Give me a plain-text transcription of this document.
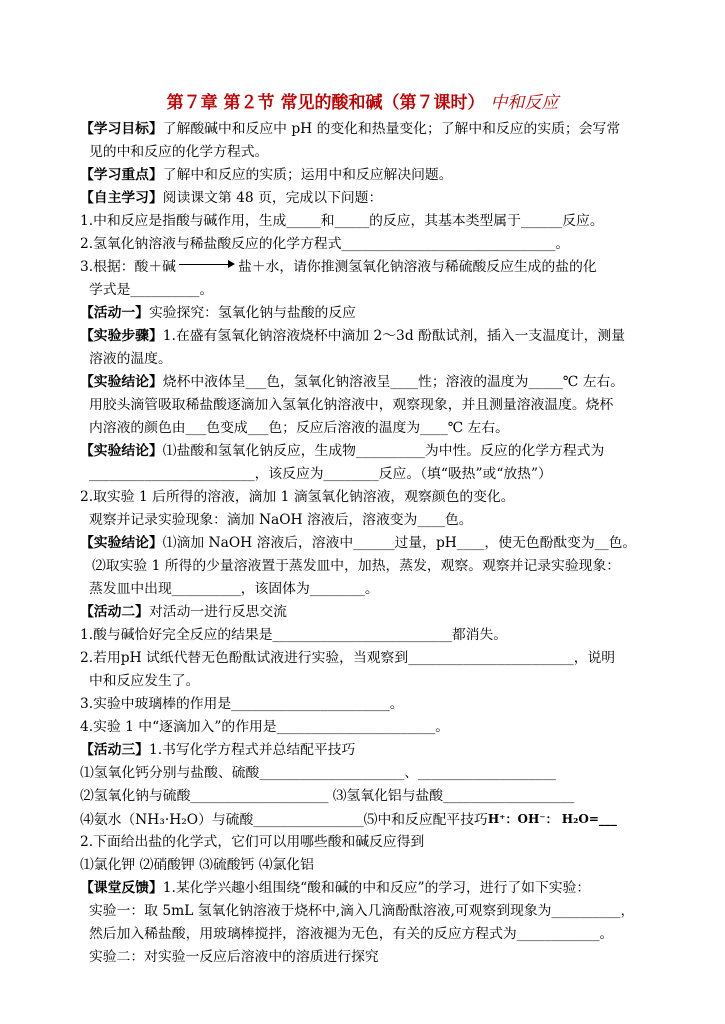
第７章 第２节 常见的酸和碱（第７课时） 中和反应
【学习目标】了解酸碱中和反应中 pH 的变化和热量变化；了解中和反应的实质；会写常
见的中和反应的化学方程式。
【学习重点】了解中和反应的实质；运用中和反应解决问题。
【自主学习】阅读课文第 48 页，完成以下问题：
1.中和反应是指酸与碱作用，生成_____和_____的反应，其基本类型属于______反应。
2.氢氧化钠溶液与稀盐酸反应的化学方程式_______________________________。
3.根据：酸＋碱	盐＋水，请你推测氢氧化钠溶液与稀硫酸反应生成的盐的化
学式是__________。
【活动一】实验探究：氢氧化钠与盐酸的反应
【实验步骤】1.在盛有氢氧化钠溶液烧杯中滴加 2～3d 酚酞试剂，插入一支温度计，测量
溶液的温度。
【实验结论】烧杯中液体呈___色，氢氧化钠溶液呈____性；溶液的温度为_____℃ 左右。
用胶头滴管吸取稀盐酸逐滴加入氢氧化钠溶液中，观察现象，并且测量溶液温度。烧杯
内溶液的颜色由___色变成___色；反应后溶液的温度为____℃ 左右。
【实验结论】⑴盐酸和氢氧化钠反应，生成物__________为中性。反应的化学方程式为
________________________，该反应为________反应。（填“吸热”或“放热”）
2.取实验 1 后所得的溶液，滴加 1 滴氢氧化钠溶液，观察颜色的变化。
观察并记录实验现象：滴加 NaOH 溶液后，溶液变为____色。
【实验结论】⑴滴加 NaOH 溶液后，溶液中______过量，pH____，使无色酚酞变为__色。
⑵取实验 1 所得的少量溶液置于蒸发皿中，加热，蒸发，观察。观察并记录实验现象：
蒸发皿中出现__________，该固体为________。
【活动二】对活动一进行反思交流
1.酸与碱恰好完全反应的结果是__________________________都消失。
2.若用pH 试纸代替无色酚酞试液进行实验，当观察到________________________，说明
中和反应发生了。
3.实验中玻璃棒的作用是_______________________。
4.实验 1 中“逐滴加入”的作用是_______________________。
【活动三】1.书写化学方程式并总结配平技巧
⑴氢氧化钙分别与盐酸、硫酸_____________________、____________________
⑵氢氧化钠与硫酸____________________ ⑶氢氧化铝与盐酸___________________
⑷氨水（NH₃·H₂O）与硫酸________________⑸中和反应配平技巧H⁺：OH⁻： H₂O=___
2.下面给出盐的化学式，它们可以用哪些酸和碱反应得到
⑴氯化钾 ⑵硝酸钾 ⑶硫酸钙 ⑷氯化铝
【课堂反馈】1.某化学兴趣小组围绕“酸和碱的中和反应”的学习，进行了如下实验：
实验一：取 5mL 氢氧化钠溶液于烧杯中,滴入几滴酚酞溶液,可观察到现象为__________，
然后加入稀盐酸，用玻璃棒搅拌，溶液褪为无色，有关的反应方程式为____________。
实验二：对实验一反应后溶液中的溶质进行探究
